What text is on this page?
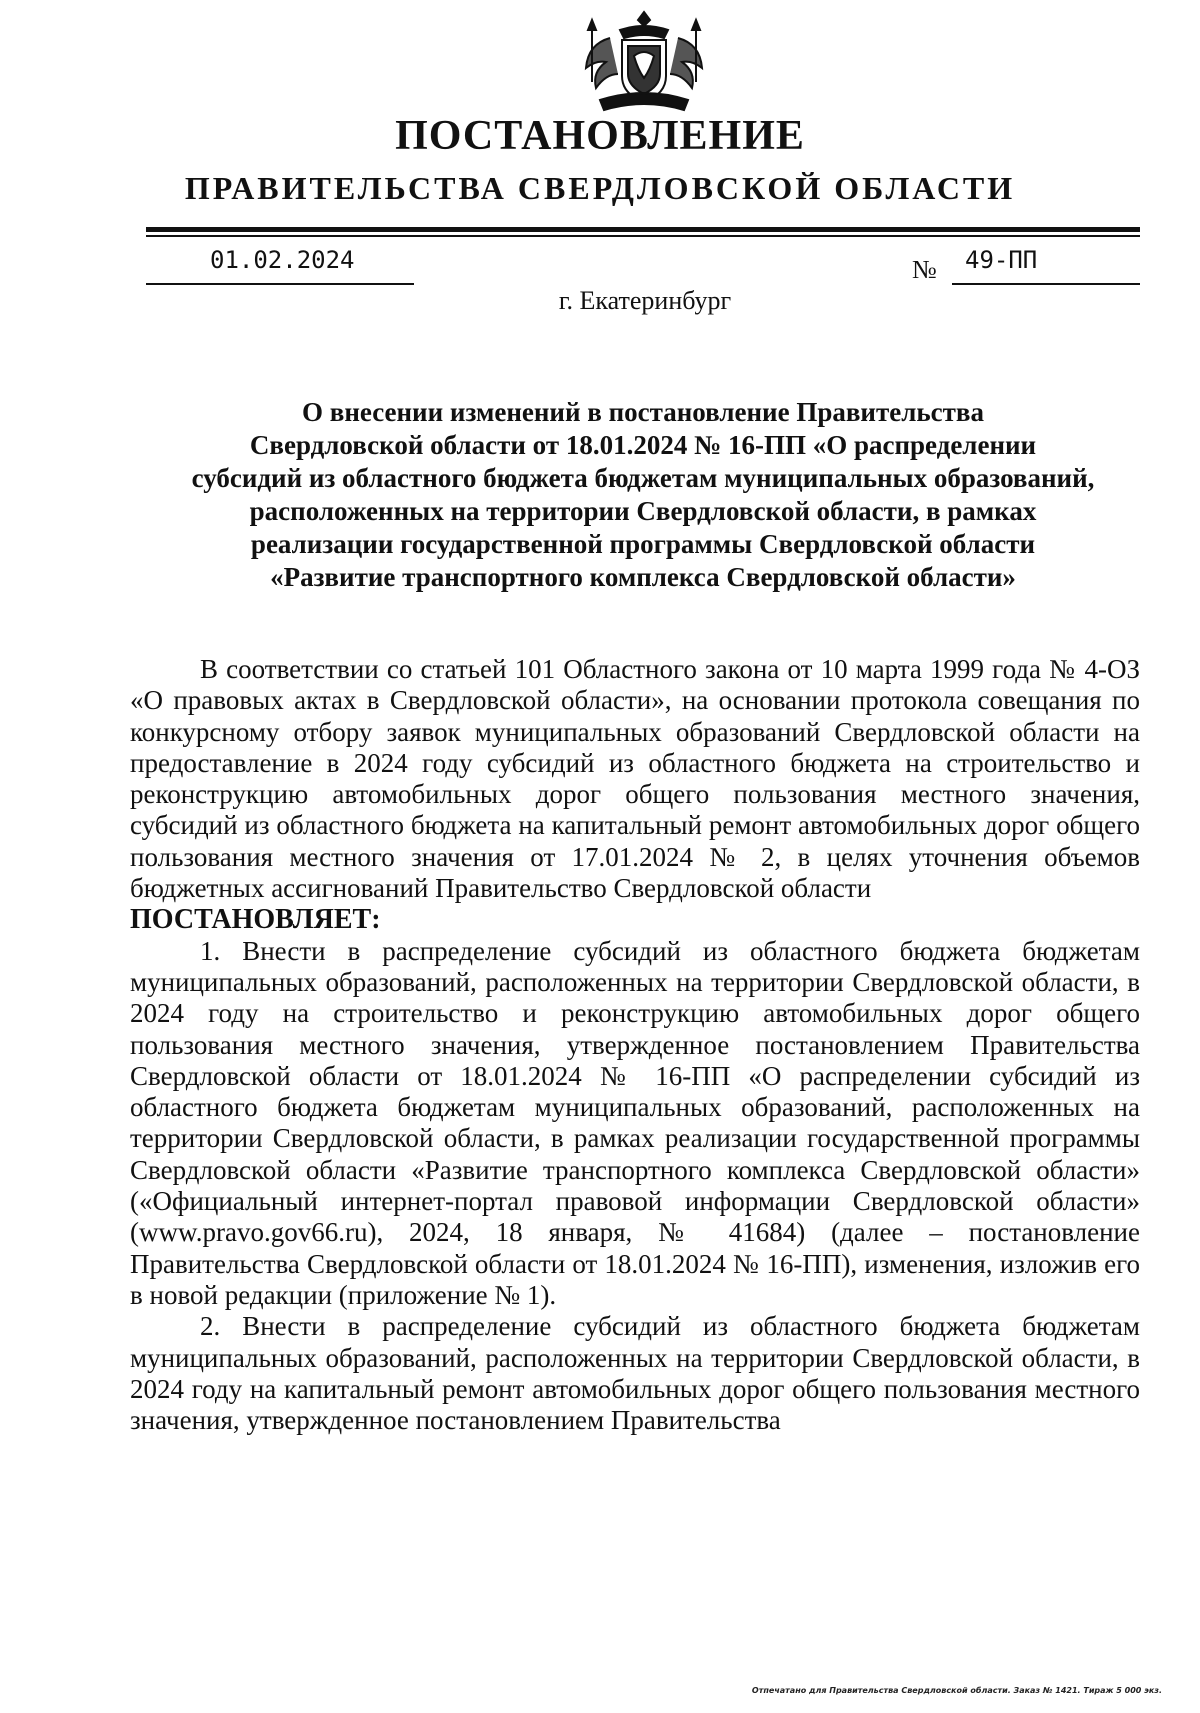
ПОСТАНОВЛЕНИЕ
ПРАВИТЕЛЬСТВА СВЕРДЛОВСКОЙ ОБЛАСТИ
01.02.2024	№ 49-ПП
г. Екатеринбург
О внесении изменений в постановление Правительства
Свердловской области от 18.01.2024 № 16-ПП «О распределении
субсидий из областного бюджета бюджетам муниципальных образований,
расположенных на территории Свердловской области, в рамках
реализации государственной программы Свердловской области
«Развитие транспортного комплекса Свердловской области»

В соответствии со статьей 101 Областного закона от 10 марта 1999 года № 4-ОЗ «О правовых актах в Свердловской области», на основании протокола совещания по конкурсному отбору заявок муниципальных образований Свердловской области на предоставление в 2024 году субсидий из областного бюджета на строительство и реконструкцию автомобильных дорог общего пользования местного значения, субсидий из областного бюджета на капитальный ремонт автомобильных дорог общего пользования местного значения от 17.01.2024 № 2, в целях уточнения объемов бюджетных ассигнований Правительство Свердловской области

ПОСТАНОВЛЯЕТ:

1. Внести в распределение субсидий из областного бюджета бюджетам муниципальных образований, расположенных на территории Свердловской области, в 2024 году на строительство и реконструкцию автомобильных дорог общего пользования местного значения, утвержденное постановлением Правительства Свердловской области от 18.01.2024 № 16-ПП «О распределении субсидий из областного бюджета бюджетам муниципальных образований, расположенных на территории Свердловской области, в рамках реализации государственной программы Свердловской области «Развитие транспортного комплекса Свердловской области» («Официальный интернет-портал правовой информации Свердловской области» (www.pravo.gov66.ru), 2024, 18 января, № 41684) (далее – постановление Правительства Свердловской области от 18.01.2024 № 16-ПП), изменения, изложив его в новой редакции (приложение № 1).

2. Внести в распределение субсидий из областного бюджета бюджетам муниципальных образований, расположенных на территории Свердловской области, в 2024 году на капитальный ремонт автомобильных дорог общего пользования местного значения, утвержденное постановлением Правительства

Отпечатано для Правительства Свердловской области. Заказ № 1421. Тираж 5 000 экз.
